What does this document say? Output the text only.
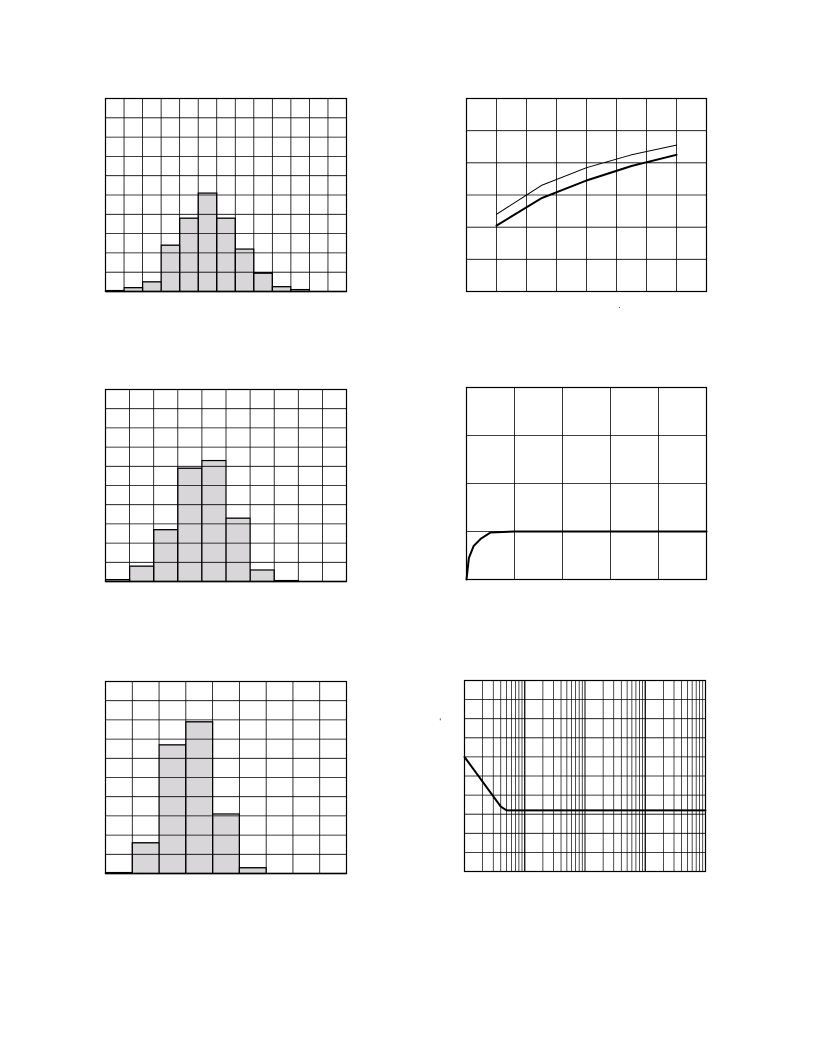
·
-
